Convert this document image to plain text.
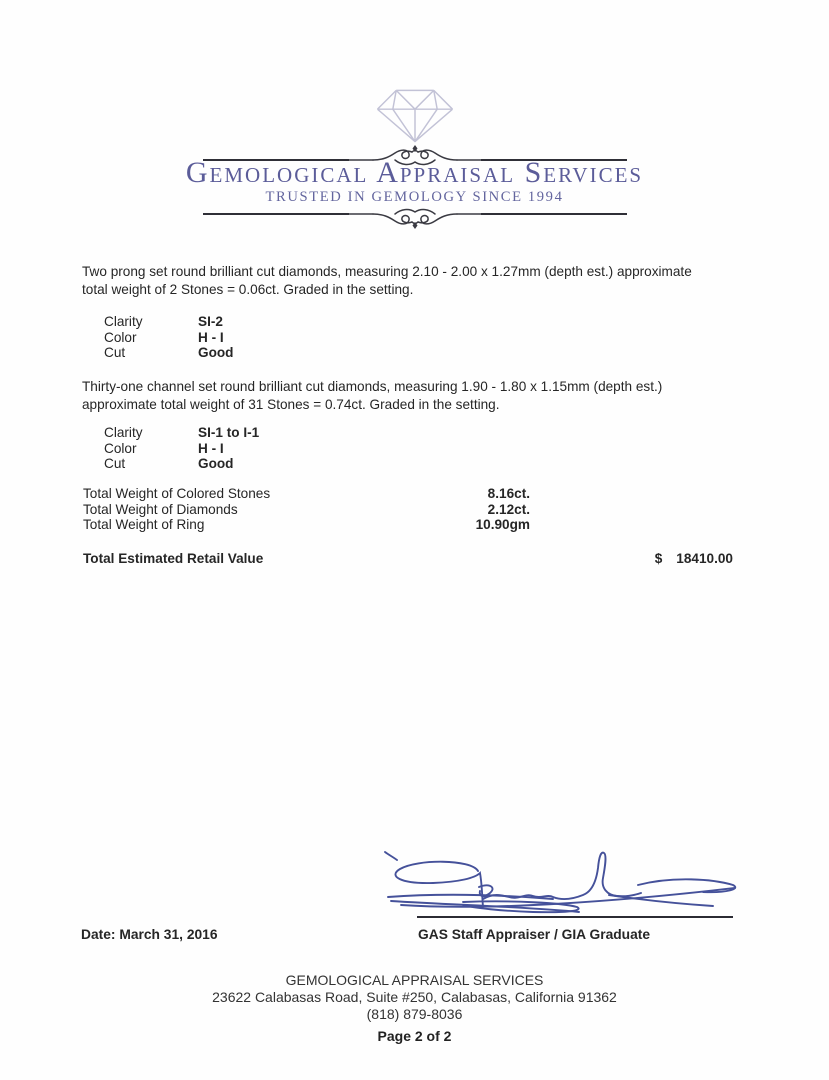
Gemological Appraisal Services
TRUSTED IN GEMOLOGY SINCE 1994
Two prong set round brilliant cut diamonds, measuring 2.10 - 2.00 x 1.27mm (depth est.) approximate
total weight of 2 Stones = 0.06ct. Graded in the setting.
Clarity	SI-2
Color	H - I
Cut	Good
Thirty-one channel set round brilliant cut diamonds, measuring 1.90 - 1.80 x 1.15mm (depth est.)
approximate total weight of 31 Stones = 0.74ct. Graded in the setting.
Clarity	SI-1 to I-1
Color	H - I
Cut	Good
Total Weight of Colored Stones	8.16ct.
Total Weight of Diamonds	2.12ct.
Total Weight of Ring	10.90gm
Total Estimated Retail Value	$ 18410.00
Date: March 31, 2016	GAS Staff Appraiser / GIA Graduate
GEMOLOGICAL APPRAISAL SERVICES
23622 Calabasas Road, Suite #250, Calabasas, California 91362
(818) 879-8036
Page 2 of 2
